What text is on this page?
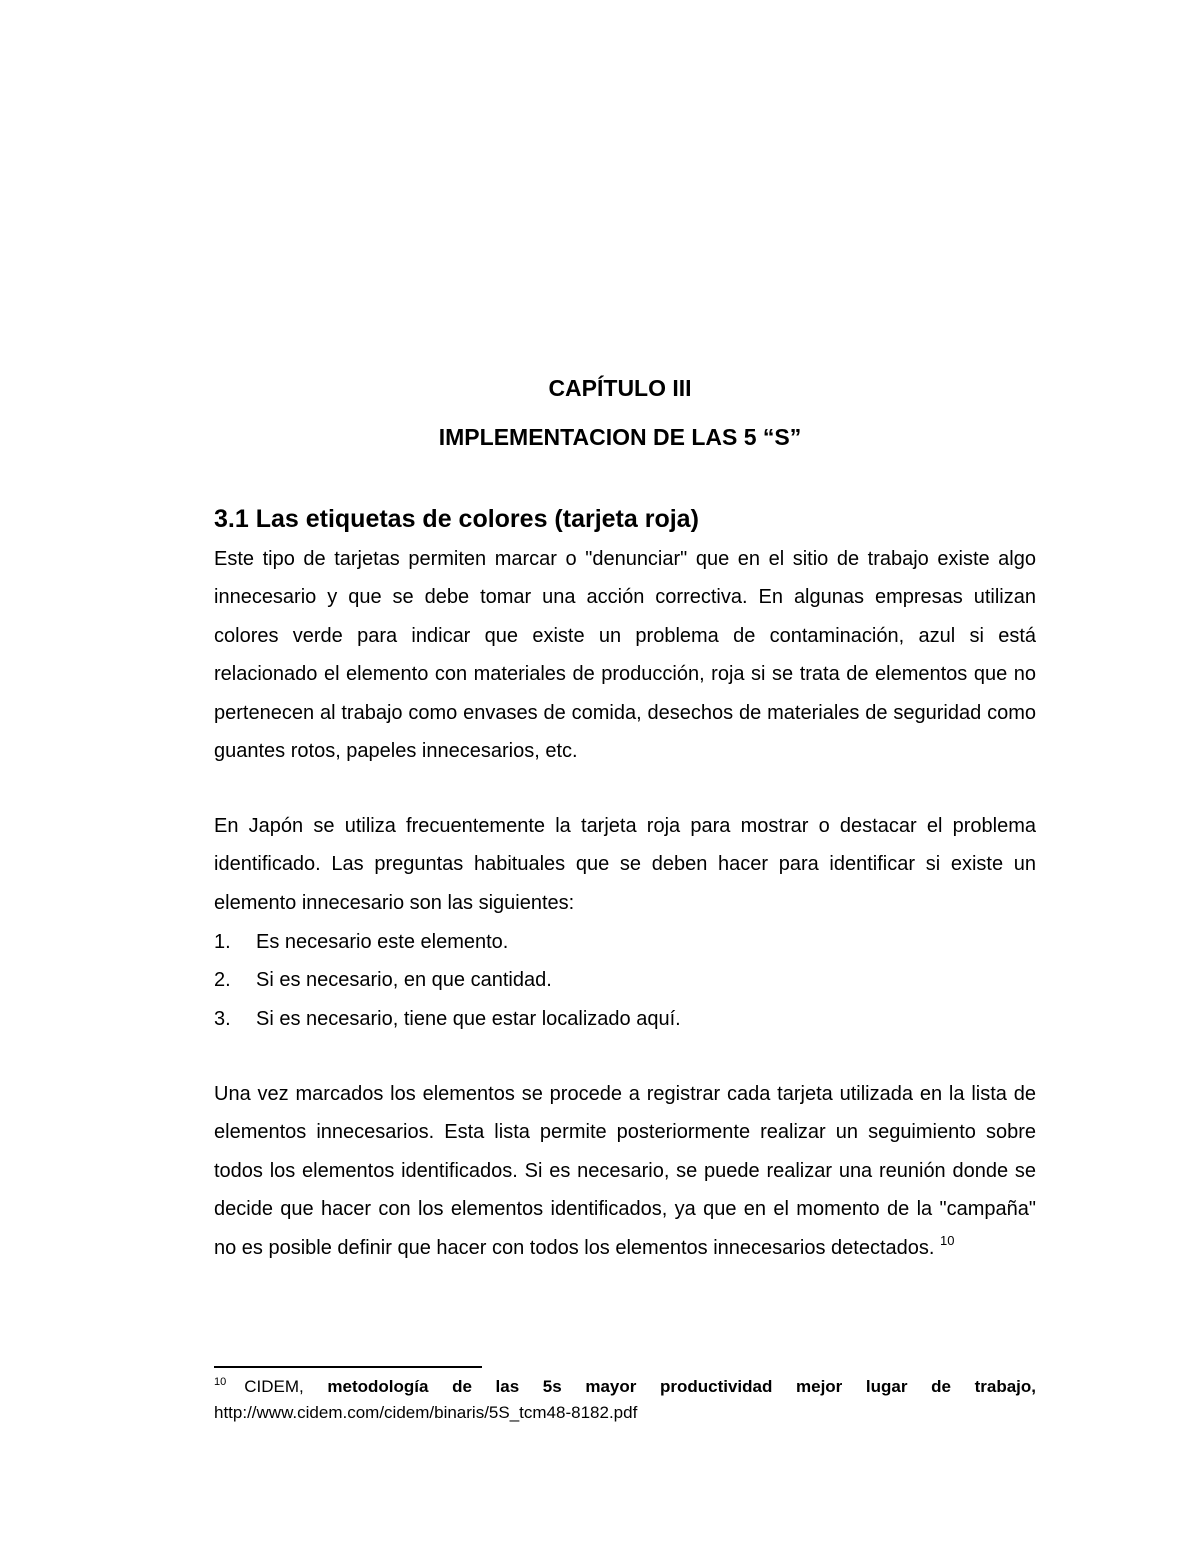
CAPÍTULO III
IMPLEMENTACION DE LAS 5 “S”
3.1 Las etiquetas de colores (tarjeta roja)

Este tipo de tarjetas permiten marcar o "denunciar" que en el sitio de trabajo existe algo innecesario y que se debe tomar una acción correctiva. En algunas empresas utilizan colores verde para indicar que existe un problema de contaminación, azul si está relacionado el elemento con materiales de producción, roja si se trata de elementos que no pertenecen al trabajo como envases de comida, desechos de materiales de seguridad como guantes rotos, papeles innecesarios, etc.

En Japón se utiliza frecuentemente la tarjeta roja para mostrar o destacar el problema identificado. Las preguntas habituales que se deben hacer para identificar si existe un elemento innecesario son las siguientes:

1.	Es necesario este elemento.
2.	Si es necesario, en que cantidad.
3.	Si es necesario, tiene que estar localizado aquí.

Una vez marcados los elementos se procede a registrar cada tarjeta utilizada en la lista de elementos innecesarios. Esta lista permite posteriormente realizar un seguimiento sobre todos los elementos identificados. Si es necesario, se puede realizar una reunión donde se decide que hacer con los elementos identificados, ya que en el momento de la "campaña" no es posible definir que hacer con todos los elementos innecesarios detectados. $^{10}$

$^{10}$ CIDEM, metodología de las 5s mayor productividad mejor lugar de trabajo, http://www.cidem.com/cidem/binaris/5S_tcm48-8182.pdf
